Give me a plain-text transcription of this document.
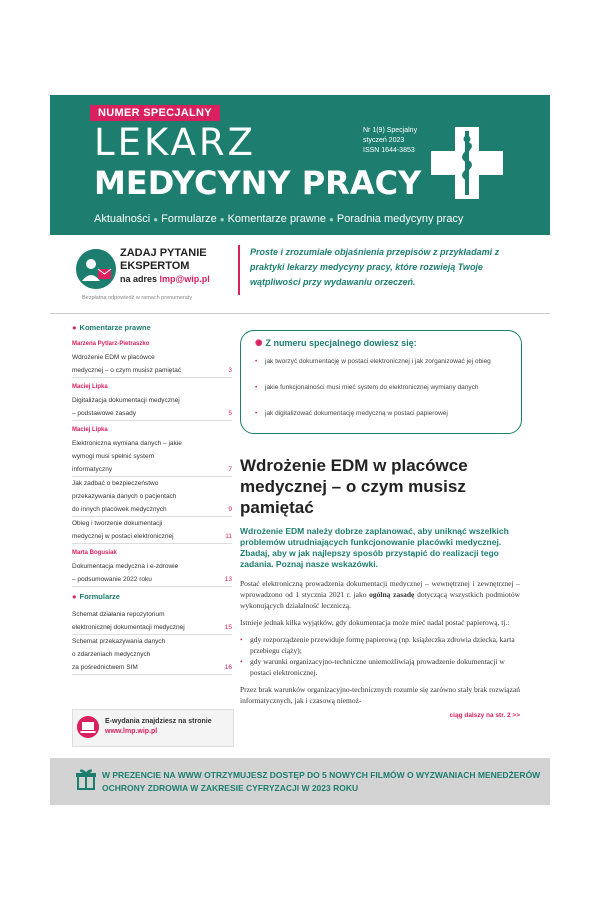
NUMER SPECJALNY
LEKARZ
MEDYCYNY PRACY
Nr 1(9) Specjalny
styczeń 2023
ISSN 1644-3853
Aktualności ● Formularze ● Komentarze prawne ● Poradnia medycyny pracy
ZADAJ PYTANIE
EKSPERTOM
na adres lmp@wip.pl
Bezpłatna odpowiedź w ramach prenumeraty
Proste i zrozumiałe objaśnienia przepisów z przykładami z praktyki lekarzy medycyny pracy, które rozwieją Twoje wątpliwości przy wydawaniu orzeczeń.
● Komentarze prawne
Marzena Pytlarz-Pietraszko
Wdrożenie EDM w placówce
medycznej – o czym musisz pamiętać	3
Maciej Lipka
Digitalizacja dokumentacji medycznej
– podstawowe zasady	5
Maciej Lipka
Elektroniczna wymiana danych – jakie
wymogi musi spełnić system
informatyczny	7
Jak zadbać o bezpieczeństwo
przekazywania danych o pacjentach
do innych placówek medycznych	9
Obieg i tworzenie dokumentacji
medycznej w postaci elektronicznej	11
Marta Bogusiak
Dokumentacja medyczna i e-zdrowie
– podsumowanie 2022 roku	13
● Formularze
Schemat działania repozytorium
elektronicznej dokumentacji medycznej	15
Schemat przekazywania danych
o zdarzeniach medycznych
za pośrednictwem SIM	16
E-wydania znajdziesz na stronie
www.lmp.wip.pl
✺ Z numeru specjalnego dowiesz się:
• jak tworzyć dokumentację w postaci elektronicznej i jak zorganizować jej obieg
• jakie funkcjonalności musi mieć system do elektronicznej wymiany danych
• jak digitalizować dokumentację medyczną w postaci papierowej
Wdrożenie EDM w placówce medycznej – o czym musisz pamiętać
Wdrożenie EDM należy dobrze zaplanować, aby uniknąć wszelkich problemów utrudniających funkcjonowanie placówki medycznej. Zbadaj, aby w jak najlepszy sposób przystąpić do realizacji tego zadania. Poznaj nasze wskazówki.
Postać elektroniczną prowadzenia dokumentacji medycznej – wewnętrznej i zewnętrznej – wprowadzono od 1 stycznia 2021 r. jako ogólną zasadę dotyczącą wszystkich podmiotów wykonujących działalność leczniczą.
Istnieje jednak kilka wyjątków, gdy dokumentacja może mieć nadal postać papierową, tj.:
• gdy rozporządzenie przewiduje formę papierową (np. książeczka zdrowia dziecka, karta przebiegu ciąży);
• gdy warunki organizacyjno-techniczne uniemożliwiają prowadzenie dokumentacji w postaci elektronicznej.
Przez brak warunków organizacyjno-technicznych rozumie się zarówno stały brak rozwiązań informatycznych, jak i czasową niemoż-
ciąg dalszy na str. 2 >>
W PREZENCIE NA WWW OTRZYMUJESZ DOSTĘP DO 5 NOWYCH FILMÓW O WYZWANIACH MENEDŻERÓW OCHRONY ZDROWIA W ZAKRESIE CYFRYZACJI W 2023 ROKU
